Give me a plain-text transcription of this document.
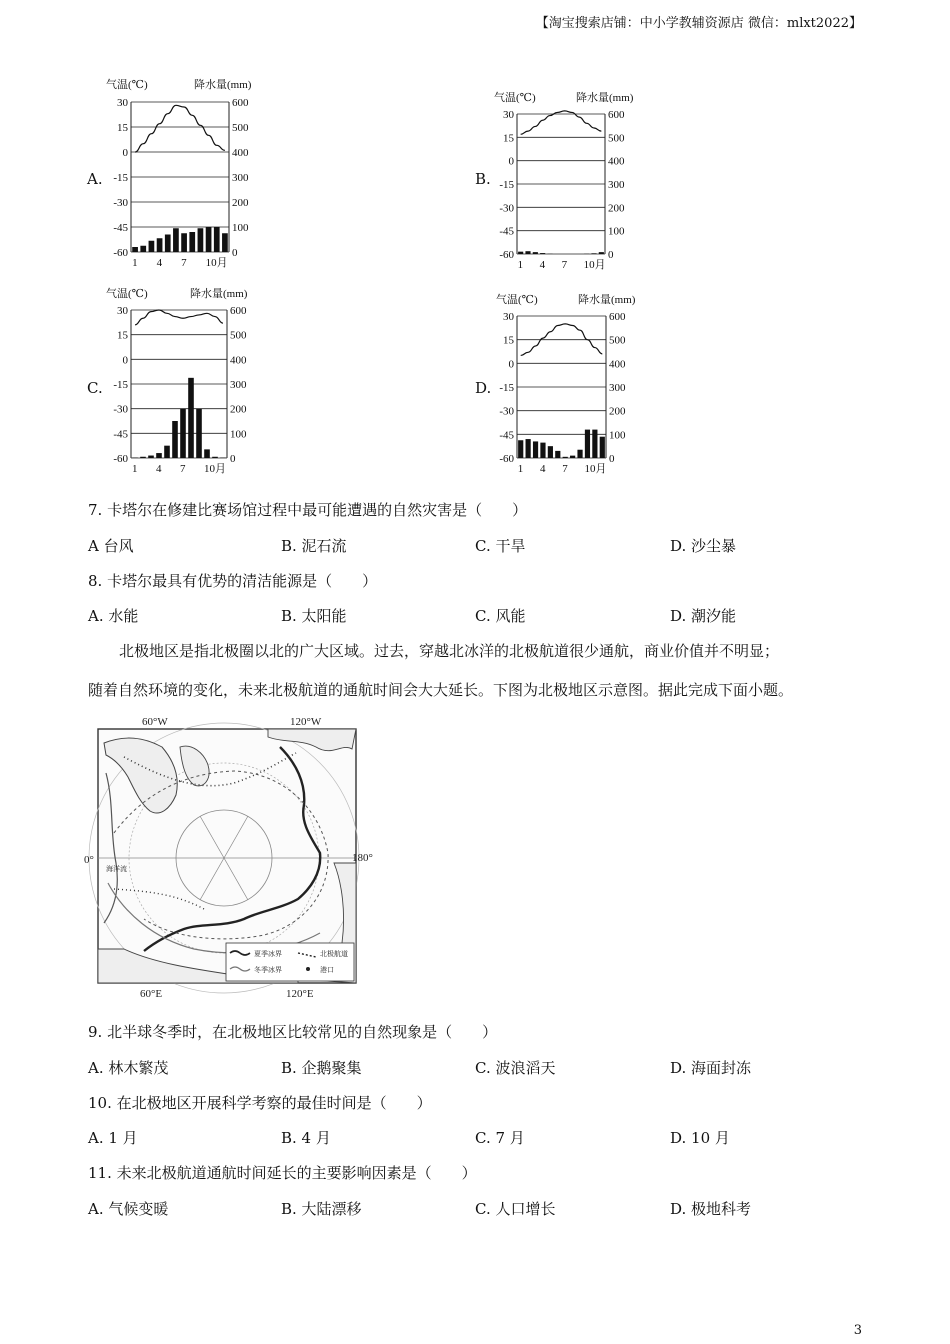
【淘宝搜索店铺：中小学教辅资源店 微信：mlxt2022】
A.
气温(℃)	降水量(mm)
30	600
15	500
0	400
-15	300
-30	200
-45	100
-60	0
1 4 7 10月
B.
气温(℃)	降水量(mm)
30	600
15	500
0	400
-15	300
-30	200
-45	100
-60	0
1 4 7 10月
C.
气温(℃)	降水量(mm)
30	600
15	500
0	400
-15	300
-30	200
-45	100
-60	0
1 4 7 10月
D.
气温(℃)	降水量(mm)
30	600
15	500
0	400
-15	300
-30	200
-45	100
-60	0
1 4 7 10月
7. 卡塔尔在修建比赛场馆过程中最可能遭遇的自然灾害是（　　）
A 台风	B. 泥石流	C. 干旱	D. 沙尘暴
8. 卡塔尔最具有优势的清洁能源是（　　）
A. 水能	B. 太阳能	C. 风能	D. 潮汐能
北极地区是指北极圈以北的广大区域。过去，穿越北冰洋的北极航道很少通航，商业价值并不明显；
随着自然环境的变化，未来北极航道的通航时间会大大延长。下图为北极地区示意图。据此完成下面小题。
60°W	120°W
0°	180°
60°E	120°E
海洋流
夏季冰界
冬季冰界
北极航道
港口
9. 北半球冬季时，在北极地区比较常见的自然现象是（　　）
A. 林木繁茂	B. 企鹅聚集	C. 波浪滔天	D. 海面封冻
10. 在北极地区开展科学考察的最佳时间是（　　）
A. 1 月	B. 4 月	C. 7 月	D. 10 月
11. 未来北极航道通航时间延长的主要影响因素是（　　）
A. 气候变暖	B. 大陆漂移	C. 人口增长	D. 极地科考
3
